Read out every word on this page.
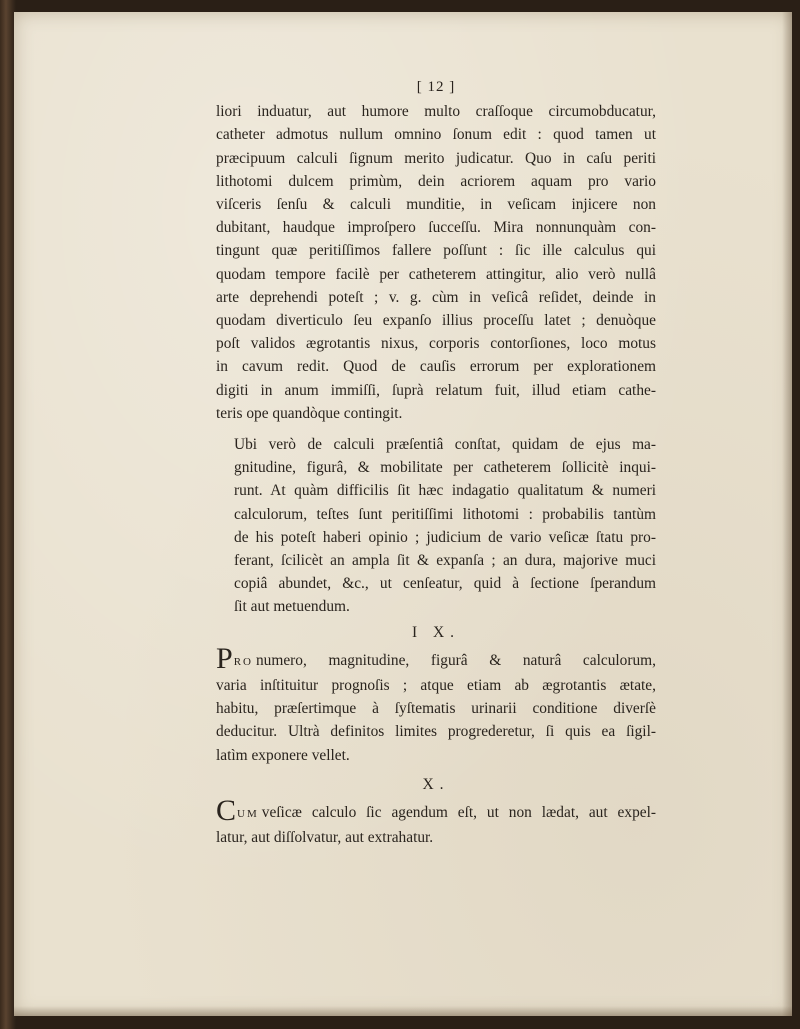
[ 12 ]

liori induatur, aut humore multo craſſoque circumobducatur,
catheter admotus nullum omnino ſonum edit : quod tamen ut
præcipuum calculi ſignum merito judicatur. Quo in caſu periti
lithotomi dulcem primùm, dein acriorem aquam pro vario
viſceris ſenſu & calculi munditie, in veſicam injicere non
dubitant, haudque improſpero ſucceſſu. Mira nonnunquàm con-
tingunt quæ peritiſſimos fallere poſſunt : ſic ille calculus qui
quodam tempore facilè per catheterem attingitur, alio verò nullâ
arte deprehendi poteſt ; v. g. cùm in veſicâ reſidet, deinde in
quodam diverticulo ſeu expanſo illius proceſſu latet ; denuòque
poſt validos ægrotantis nixus, corporis contorſiones, loco motus
in cavum redit. Quod de cauſis errorum per explorationem
digiti in anum immiſſi, ſuprà relatum fuit, illud etiam cathe-
teris ope quandòque contingit.

Ubi verò de calculi præſentiâ conſtat, quidam de ejus ma-
gnitudine, figurâ, & mobilitate per catheterem ſollicitè inqui-
runt. At quàm difficilis ſit hæc indagatio qualitatum & numeri
calculorum, teſtes ſunt peritiſſimi lithotomi : probabilis tantùm
de his poteſt haberi opinio ; judicium de vario veſicæ ſtatu pro-
ferant, ſcilicèt an ampla ſit & expanſa ; an dura, majorive muci
copiâ abundet, &c., ut cenſeatur, quid à ſectione ſperandum
ſit aut metuendum.

I X.

PRO numero, magnitudine, figurâ & naturâ calculorum,
varia inſtituitur prognoſis ; atque etiam ab ægrotantis ætate,
habitu, præſertimque à ſyſtematis urinarii conditione diverſè
deducitur. Ultrà definitos limites progrederetur, ſi quis ea ſigil-
latìm exponere vellet.

X.

CUM veſicæ calculo ſic agendum eſt, ut non lædat, aut expel-
latur, aut diſſolvatur, aut extrahatur.
